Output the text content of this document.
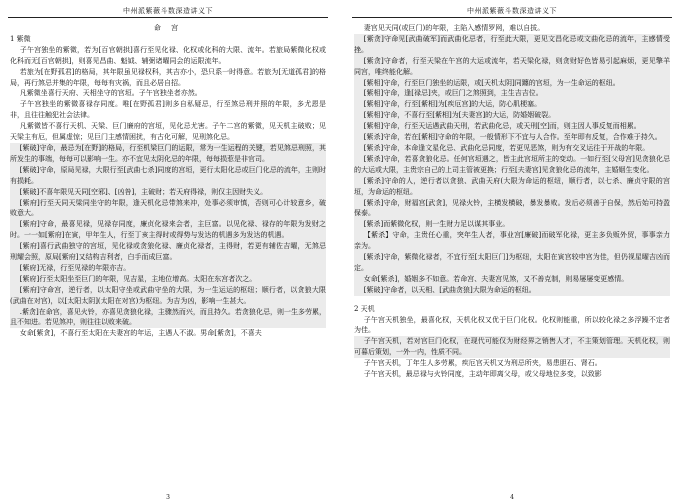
中州派紫薇斗数深造讲义下

命 宫

1 紫微

子午宫独坐的紫微，若为[百官朝拱]喜行至见化禄、化权或化科的大限、流年。若旅局紫微化权或化科而无[百官朝拱]，则喜见昌曲、魁钺、辅弼诸曜同会的运限流年。

若旅为[在野孤君]的格局，其年限虽见禄权科，其吉亦小，恐只系一时得意。若旅为[无道孤君]的格局，再行煞忌并集的年限，每每有灾祸，而且必居自招。

凡紫微坐喜行天府、天相坐守的宫垣。子午宫独坐者亦然。

子午宫独坐的紫微喜禄存同度。唯[在野孤君]则多自私疑忌，行至煞忌刑并照的年限，多尤恩是非，且往往触犯社会法律。

凡紫微皆不喜行天机、天梁、巨门廉府的宫垣，见化忌尤害。子午二宫的紫微，见天机主破败；见天梁主有厄，但属虚惊；见巨门主感情困扰，有古化可解，见刑煞化忌。

[紫破]守命，最忌为[在野]的格局，行至机梁巨门的运限，常为一生运程的关键，若见煞忌刑照，其所发生的事端，每每可以影响一生。亦不宜见太阴化忌的年限，每每损惹是非官司。

[紫破]守命，原局见禄，大限行至[武曲七杀]同度的宫垣，更行太阳化忌或巨门化忌的流年，主则时有损耗。

[紫破]不喜年限见天同[空邪]、[凶咎]，主破财；若天府得禄，则仅主因财失义。

[紫府]行至天同天梁同坐守的年限，逢天机化忌带煞来冲，处事必须审慎，否则可心计较意乡，破败意大。

[紫府]守命，最喜见禄，见禄存同度，廉贞化禄来会者，主巨富。以见化禄、禄存的年限为发财之时。一一如[紫府]在寅，甲年生人，行至丁亥主得时或得势与发达的机遇多为发达的机遇。

[紫府]喜行武曲独守的宫垣，见化禄或贪狼化禄、廉贞化禄者，主得财，若更有辅佐吉曜，无煞忌刑耀会照，原局[紫府]又结构吉利者，白手而成巨富。

[紫府]无禄，行至见禄的年限亦吉。

[紫府]行至太阳坐至巨门的年限，见吉星，主地位增高。太阳在东宫者次之。

[紫府]守命宫，逆行者，以太阳守坐或武曲守坐的大限，为一生运运的枢纽；顺行者，以贪狼大限(武曲在对宫)，以[太阳太阴](太阳在对宫)为枢纽。为吉为凶，影响一生甚大。

.紫贪]在命宫，喜见火铃，亦喜见贪狼化禄，主骤然而兴，而且持久。若贪狼化忌，则一生多劳累，且不知进。若见煞冲，则往往以败来破。

女命[紫贪]，不喜行至太阳在夫妻宫的年运，主遇人不淑。男命[紫贪]，不喜夫

3
中州派紫薇斗数深造讲义下

妻宫见天同(或巨门)的年限，主陷入感情罗网，难以自拔。

[紫贪]守命见[武曲破军]而武曲化忌者，行至此大限，更见文昌化忌或文曲化忌的流年，主感情受挫。

[紫贪]守命者，行至天梁在午宫的大运或流年，若天梁化禄，则贪财好色皆易引起麻烦，更见擎羊同宫，唯终能化解。

[紫相]守命，行至巨门独坐的运限，或[天机太阴]同躔的宫垣，为一生命运的枢纽。

[紫相]守命，逢[禄忌]夹，或巨门之煞照到，主生吉吉位。

[紫相]守命，行至[紫相]为[疾厄宫]的大运，防心肌梗塞。

[紫相]守命，不喜行至[紫相]为[夫妻宫]的大运，防婚姻破裂。

[紫相]守命，行至天运遇武曲天刑，若武曲化忌，或天刑[空]而，则主因人事反复而相累。

[紫杀]守命，若在[紫相]守命的年限，一般情形下不宜与人合作。至年即有反复，合作难于持久。

[紫杀]守命，本命逢文星化忌、武曲化忌同度，若更见恶煞，则为有交叉运往于开战的年限。

[紫杀]守命，若喜贪狼化忌。任何宫垣遇之，皆主此宫垣所主的变动。一如行至[父母宫]见贪狼化忌的大运或大限，主贵宗自己的上司主管被更换；行至[夫妻宫]见贪狼化忌的流年，主婚姻生变化。

[紫杀]守命的人，逆行者以贪狼、武曲天府(大限为命运的枢纽，顺行者，以七杀、廉贞守限的宫垣，为命运的枢纽。

[紫杀]守命，财福宫[武贪]，见禄火铃，主横发横破，暴发暴败。发后必须善于自保，然后始可持盈保泰。

[紫杀]而紫微化权，则一生财力足以谋其事业。

【紫杀】守命，主贵任心重，突年生人者，事业宫[廉破]而破军化禄，更主多负贩外贸，事事亲力亲为。

[紫杀]守命，紫微化禄者，不宜行至[太阳巨门]为枢纽，太阳在寅宫较申宫为佳，但仍视星曜吉凶而定。

女命[紫杀]，婚姻多不如意。若命宫、夫妻宫见煞，又不善克制，则易屡屡变更感情。

[紫破]守命者，以天相、[武曲贪狼]大限为命运的枢纽。

2 天机

子午宫天机独坐，最喜化权，天机化权又优于巨门化权。化权则能重，所以较化禄之多浮躁不定者为佳。

子午宫天机，若对宫巨门化权，在现代可能仅为财经界之销售人才，不主策划管理。天机化权，则可暮后策划，一外一内，性质不同。

子午宫天机，丁年生人多劳累，疾厄宫天机又为刑忌所夹，易患胆石、肾石。

子午宫天机，最忌禄与火铃同度，主动年即离父母，或父母地位多变，以致影

4
